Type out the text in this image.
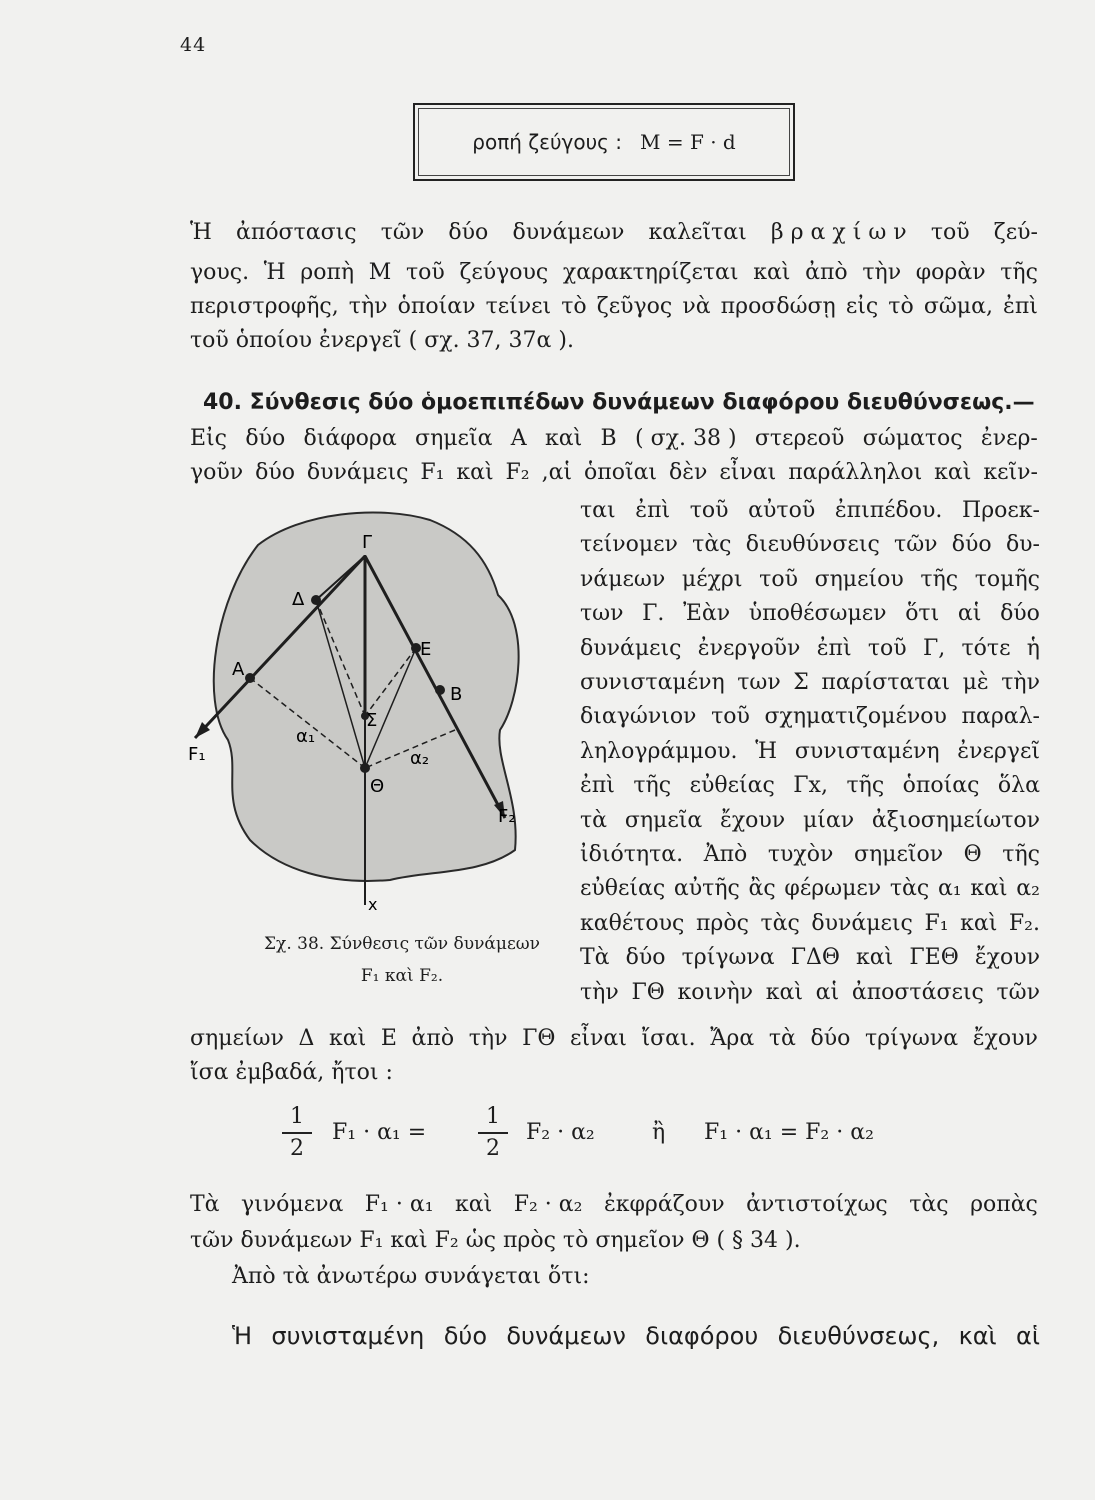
44
ροπή ζεύγους : M = F · d
Ἡ ἀπόστασις τῶν δύο δυνάμεων καλεῖται β ρ α χ ί ω ν τοῦ ζεύ-
γους. Ἡ ροπὴ M τοῦ ζεύγους χαρακτηρίζεται καὶ ἀπὸ τὴν φορὰν τῆς
περιστροφῆς, τὴν ὁποίαν τείνει τὸ ζεῦγος νὰ προσδώσῃ εἰς τὸ σῶμα, ἐπὶ
τοῦ ὁποίου ἐνεργεῖ ( σχ. 37, 37α ).
40. Σύνθεσις δύο ὁμοεπιπέδων δυνάμεων διαφόρου διευθύνσεως.—
Εἰς δύο διάφορα σημεῖα A καὶ B ( σχ. 38 ) στερεοῦ σώματος ἐνερ-
γοῦν δύο δυνάμεις F₁ καὶ F₂ ,αἱ ὁποῖαι δὲν εἶναι παράλληλοι καὶ κεῖν-
ται ἐπὶ τοῦ αὐτοῦ ἐπιπέδου. Προεκ-
τείνομεν τὰς διευθύνσεις τῶν δύο δυ-
νάμεων μέχρι τοῦ σημείου τῆς τομῆς
των Γ. Ἐὰν ὑποθέσωμεν ὅτι αἱ δύο
δυνάμεις ἐνεργοῦν ἐπὶ τοῦ Γ, τότε ἡ
συνισταμένη των Σ παρίσταται μὲ τὴν
διαγώνιον τοῦ σχηματιζομένου παραλ-
ληλογράμμου. Ἡ συνισταμένη ἐνεργεῖ
ἐπὶ τῆς εὐθείας Γx, τῆς ὁποίας ὅλα
τὰ σημεῖα ἔχουν μίαν ἀξιοσημείωτον
ἰδιότητα. Ἀπὸ τυχὸν σημεῖον Θ τῆς
εὐθείας αὐτῆς ἂς φέρωμεν τὰς α₁ καὶ α₂
καθέτους πρὸς τὰς δυνάμεις F₁ καὶ F₂.
Τὰ δύο τρίγωνα ΓΔΘ καὶ ΓΕΘ ἔχουν
τὴν ΓΘ κοινὴν καὶ αἱ ἀποστάσεις τῶν
Γ
Δ
Ε
Α
Β
Σ
Θ
α₁
α₂
F₁
F₂
x
Σχ. 38. Σύνθεσις τῶν δυνάμεων
F₁ καὶ F₂.
σημείων Δ καὶ E ἀπὸ τὴν ΓΘ εἶναι ἴσαι. Ἄρα τὰ δύο τρίγωνα ἔχουν
ἴσα ἐμβαδά, ἤτοι :
$\frac{1}{2} F_1 \cdot \alpha_1 = \frac{1}{2} F_2 \cdot \alpha_2$	ἢ F₁ · α₁ = F₂ · α₂
Τὰ γινόμενα F₁ · α₁ καὶ F₂ · α₂ ἐκφράζουν ἀντιστοίχως τὰς ροπὰς
τῶν δυνάμεων F₁ καὶ F₂ ὡς πρὸς τὸ σημεῖον Θ ( § 34 ).
Ἀπὸ τὰ ἀνωτέρω συνάγεται ὅτι:
Ἡ συνισταμένη δύο δυνάμεων διαφόρου διευθύνσεως, καὶ αἱ
